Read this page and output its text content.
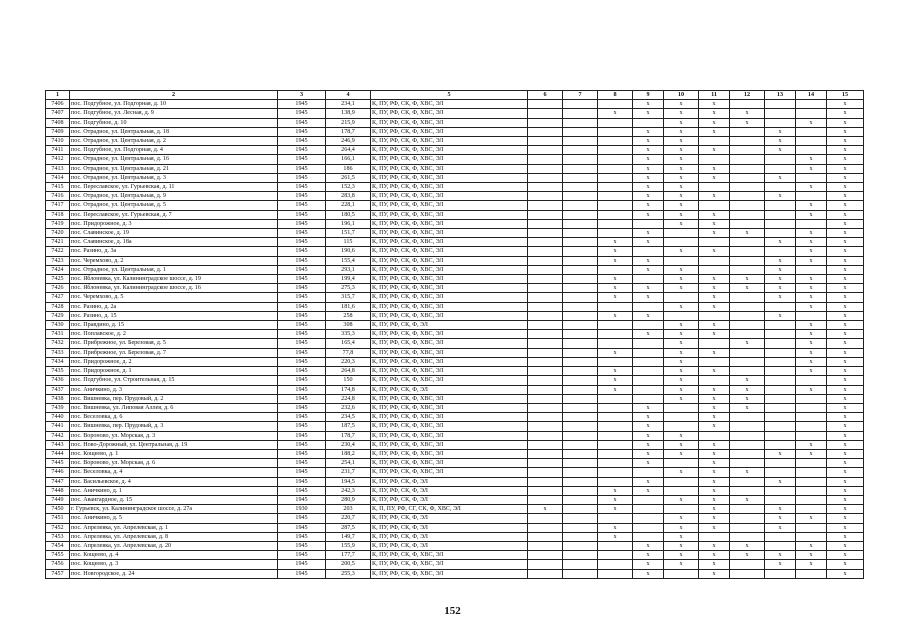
1	2	3	4	5	6	7	8	9	10	11	12	13	14	15
7406	пос. Подгубное, ул. Подгорная, д. 10	1945	234,1	К, ПУ, РФ, СК, Ф, ХВС, ЭЛ				x	x	x				x
7407	пос. Подгубное, ул. Лесная, д. 9	1945	138,9	К, ПУ, РФ, СК, Ф, ХВС, ЭЛ			x	x	x	x	x			x
7408	пос. Подгубное, д. 10	1945	215,9	К, ПУ, РФ, СК, Ф, ХВС, ЭЛ					x	x	x		x	x
7409	пос. Отрадное, ул. Центральная, д. 18	1945	178,7	К, ПУ, РФ, СК, Ф, ХВС, ЭЛ				x	x	x		x		x
7410	пос. Отрадное, ул. Центральная, д. 2	1945	246,9	К, ПУ, РФ, СК, Ф, ХВС, ЭЛ				x	x			x		x
7411	пос. Подгубное, ул. Подгорная, д. 4	1945	264,4	К, ПУ, РФ, СК, Ф, ХВС, ЭЛ				x	x	x		x		x
7412	пос. Отрадное, ул. Центральная, д. 16	1945	166,1	К, ПУ, РФ, СК, Ф, ХВС, ЭЛ				x	x				x	x
7413	пос. Отрадное, ул. Центральная, д. 21	1945	186	К, ПУ, РФ, СК, Ф, ХВС, ЭЛ				x	x	x			x	x
7414	пос. Отрадное, ул. Центральная, д. 3	1945	261,5	К, ПУ, РФ, СК, Ф, ХВС, ЭЛ				x	x	x		x		x
7415	пос. Переславское, ул. Гурьевская, д. 11	1945	152,3	К, ПУ, РФ, СК, Ф, ХВС, ЭЛ				x	x				x	x
7416	пос. Отрадное, ул. Центральная, д. 9	1945	283,8	К, ПУ, РФ, СК, Ф, ХВС, ЭЛ				x	x	x		x		x
7417	пос. Отрадное, ул. Центральная, д. 5	1945	228,1	К, ПУ, РФ, СК, Ф, ХВС, ЭЛ				x	x				x	x
7418	пос. Переславское, ул. Гурьевская, д. 7	1945	180,5	К, ПУ, РФ, СК, Ф, ХВС, ЭЛ				x	x	x			x	x
7419	пос. Придорожное, д. 3	1945	196,1	К, ПУ, РФ, СК, Ф, ХВС, ЭЛ					x	x				x
7420	пос. Славинское, д. 19	1945	151,7	К, ПУ, РФ, СК, Ф, ХВС, ЭЛ				x		x	x		x	x
7421	пос. Славинское, д. 18а	1945	115	К, ПУ, РФ, СК, Ф, ХВС, ЭЛ			x	x				x	x	x
7422	пос. Разино, д. 3а	1945	190,6	К, ПУ, РФ, СК, Ф, ХВС, ЭЛ			x		x	x			x	x
7423	пос. Черемхово, д. 2	1945	155,4	К, ПУ, РФ, СК, Ф, ХВС, ЭЛ			x	x				x	x	x
7424	пос. Отрадное, ул. Центральная, д. 1	1945	293,1	К, ПУ, РФ, СК, Ф, ХВС, ЭЛ				x	x			x		x
7425	пос. Яблоневка, ул. Калининградское шоссе, д. 19	1945	199,4	К, ПУ, РФ, СК, Ф, ХВС, ЭЛ			x		x	x	x	x	x	x
7426	пос. Яблоневка, ул. Калининградское шоссе, д. 16	1945	275,3	К, ПУ, РФ, СК, Ф, ХВС, ЭЛ			x	x	x	x	x	x	x	x
7427	пос. Черемхово, д. 5	1945	315,7	К, ПУ, РФ, СК, Ф, ХВС, ЭЛ			x	x		x		x	x	x
7428	пос. Разино, д. 2а	1945	181,6	К, ПУ, РФ, СК, Ф, ХВС, ЭЛ					x	x			x	x
7429	пос. Разино, д. 15	1945	258	К, ПУ, РФ, СК, Ф, ХВС, ЭЛ			x	x				x		x
7430	пос. Правдино, д. 15	1945	308	К, ПУ, РФ, СК, Ф, ЭЛ					x	x			x	x
7431	пос. Поплавское, д. 2	1945	335,3	К, ПУ, РФ, СК, Ф, ХВС, ЭЛ				x	x	x			x	x
7432	пос. Прибрежное, ул. Березовая, д. 5	1945	165,4	К, ПУ, РФ, СК, Ф, ХВС, ЭЛ					x		x		x	x
7433	пос. Прибрежное, ул. Березовая, д. 7	1945	77,8	К, ПУ, РФ, СК, Ф, ХВС, ЭЛ			x		x	x			x	x
7434	пос. Придорожное, д. 2	1945	220,3	К, ПУ, РФ, СК, Ф, ХВС, ЭЛ					x				x	x
7435	пос. Придорожное, д. 1	1945	264,8	К, ПУ, РФ, СК, Ф, ХВС, ЭЛ			x		x	x			x	x
7436	пос. Подгубное, ул. Строительная, д. 15	1945	150	К, ПУ, РФ, СК, Ф, ХВС, ЭЛ			x		x		x			x
7437	пос. Аничкино, д. 3	1945	174,8	К, ПУ, РФ, СК, Ф, ЭЛ			x		x	x	x		x	x
7438	пос. Вишневка, пер. Прудовый, д. 2	1945	224,8	К, ПУ, РФ, СК, Ф, ХВС, ЭЛ					x	x	x			x
7439	пос. Вишневка, ул. Липовая Аллея, д. 6	1945	232,6	К, ПУ, РФ, СК, Ф, ХВС, ЭЛ				x		x	x			x
7440	пос. Веселовка, д. 6	1945	234,5	К, ПУ, РФ, СК, Ф, ХВС, ЭЛ				x		x				x
7441	пос. Вишневка, пер. Прудовый, д. 3	1945	187,5	К, ПУ, РФ, СК, Ф, ХВС, ЭЛ				x		x				x
7442	пос. Вороново, ул. Морская, д. 3	1945	178,7	К, ПУ, РФ, СК, Ф, ХВС, ЭЛ				x	x					x
7443	пос. Ново-Дорожный, ул. Центральная, д. 19	1945	230,4	К, ПУ, РФ, СК, Ф, ХВС, ЭЛ				x	x	x			x	x
7444	пос. Кощеево, д. 1	1945	188,2	К, ПУ, РФ, СК, Ф, ХВС, ЭЛ				x	x	x		x	x	x
7445	пос. Вороново, ул. Морская, д. 6	1945	254,1	К, ПУ, РФ, СК, Ф, ХВС, ЭЛ				x		x				x
7446	пос. Веселовка, д. 4	1945	231,7	К, ПУ, РФ, СК, Ф, ХВС, ЭЛ					x	x	x			x
7447	пос. Васильевское, д. 4	1945	194,5	К, ПУ, РФ, СК, Ф, ЭЛ				x		x		x		x
7448	пос. Аничкино, д. 1	1945	242,3	К, ПУ, РФ, СК, Ф, ЭЛ			x	x		x				x
7449	пос. Авангардное, д. 15	1945	280,9	К, ПУ, РФ, СК, Ф, ЭЛ			x		x	x	x			x
7450	г. Гурьевск, ул. Калининградское шоссе, д. 27а	1930	203	К, П, ПУ, РФ, СГ, СК, Ф, ХВС, ЭЛ	x		x			x		x		x
7451	пос. Аничкино, д. 5	1945	220,7	К, ПУ, РФ, СК, Ф, ЭЛ					x	x		x	x	x
7452	пос. Апрелевка, ул. Апрелевская, д. 1	1945	287,5	К, ПУ, РФ, СК, Ф, ЭЛ			x		x	x		x		x
7453	пос. Апрелевка, ул. Апрелевская, д. 8	1945	149,7	К, ПУ, РФ, СК, Ф, ЭЛ			x		x					x
7454	пос. Апрелевка, ул. Апрелевская, д. 20	1945	155,9	К, ПУ, РФ, СК, Ф, ЭЛ				x	x	x	x		x	x
7455	пос. Кощеево, д. 4	1945	177,7	К, ПУ, РФ, СК, Ф, ХВС, ЭЛ				x	x	x	x	x	x	x
7456	пос. Кощеево, д. 3	1945	200,5	К, ПУ, РФ, СК, Ф, ХВС, ЭЛ				x	x	x		x	x	x
7457	пос. Новгородское, д. 24	1945	255,3	К, ПУ, РФ, СК, Ф, ХВС, ЭЛ				x		x				x
152
